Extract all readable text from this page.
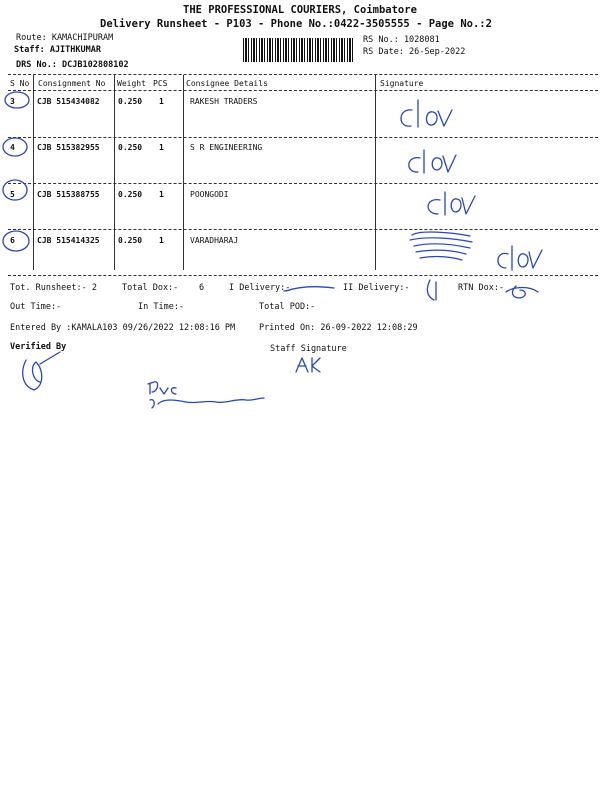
THE PROFESSIONAL COURIERS, Coimbatore
Delivery Runsheet - P103 - Phone No.:0422-3505555 - Page No.:2
Route: KAMACHIPURAM
Staff: AJITHKUMAR
DRS No.: DCJB102808102
RS No.: 1028081
RS Date: 26-Sep-2022
S No Consignment No Weight PCS Consignee Details	Signature
3	CJB 515434082 0.250 1	RAKESH TRADERS
4	CJB 515382955 0.250 1	S R ENGINEERING
5	CJB 515388755 0.250 1	POONGODI
6	CJB 515414325 0.250 1	VARADHARAJ
Tot. Runsheet:- 2	Total Dox:- 6	I Delivery:-	II Delivery:-	RTN Dox:-
Out Time:-	In Time:-	Total POD:-
Entered By :KAMALA103 09/26/2022 12:08:16 PM	Printed On: 26-09-2022 12:08:29
Verified By	Staff Signature
